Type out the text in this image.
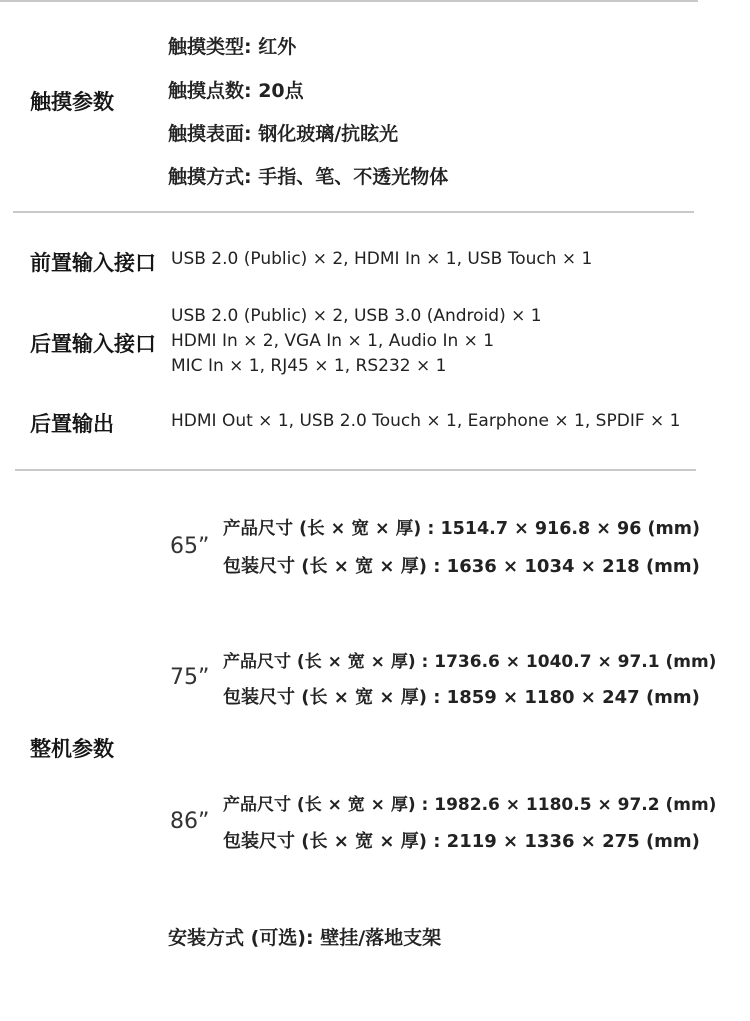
触摸参数
触摸类型: 红外
触摸点数: 20点
触摸表面: 钢化玻璃/抗眩光
触摸方式: 手指、笔、不透光物体
前置输入接口 USB 2.0 (Public) × 2, HDMI In × 1, USB Touch × 1
后置输入接口
USB 2.0 (Public) × 2, USB 3.0 (Android) × 1
HDMI In × 2, VGA In × 1, Audio In × 1
MIC In × 1, RJ45 × 1, RS232 × 1
后置输出	HDMI Out × 1, USB 2.0 Touch × 1, Earphone × 1, SPDIF × 1
整机参数
65”
产品尺寸 (长 × 宽 × 厚) : 1514.7 × 916.8 × 96 (mm)
包装尺寸 (长 × 宽 × 厚) : 1636 × 1034 × 218 (mm)
75”
产品尺寸 (长 × 宽 × 厚) : 1736.6 × 1040.7 × 97.1 (mm)
包装尺寸 (长 × 宽 × 厚) : 1859 × 1180 × 247 (mm)
86”
产品尺寸 (长 × 宽 × 厚) : 1982.6 × 1180.5 × 97.2 (mm)
包装尺寸 (长 × 宽 × 厚) : 2119 × 1336 × 275 (mm)
安装方式 (可选): 壁挂/落地支架
